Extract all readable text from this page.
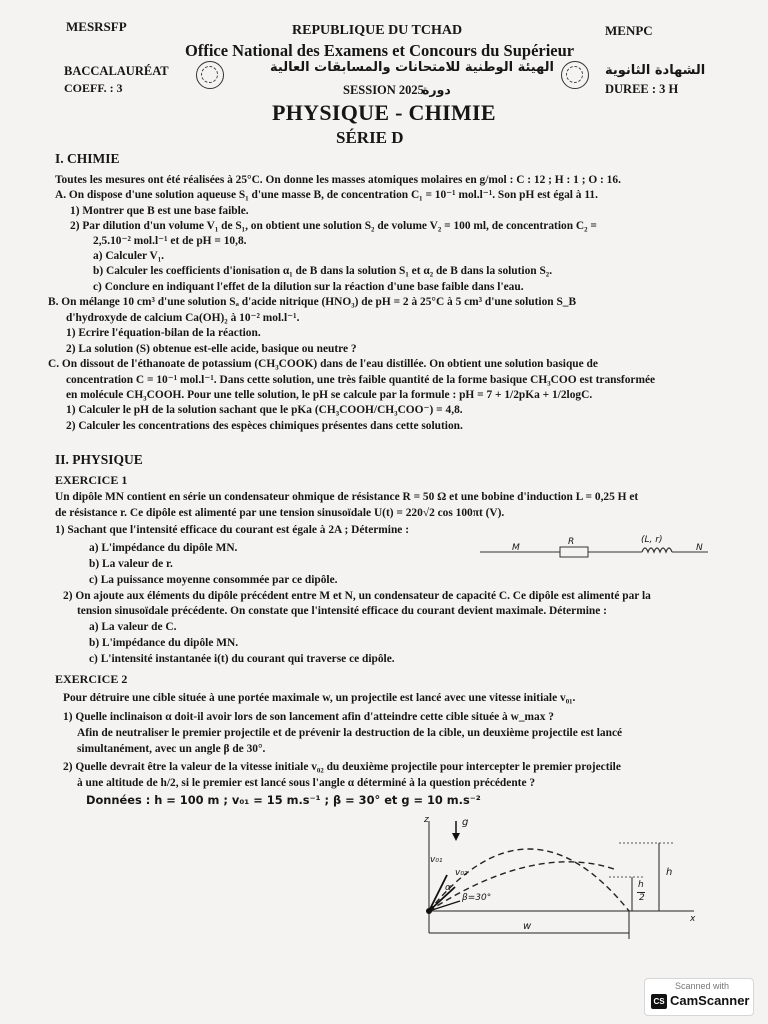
MESRSFP	MENPC
REPUBLIQUE DU TCHAD
Office National des Examens et Concours du Supérieur
الهيئة الوطنية للامتحانات والمسابقات العالية
BACCALAURÉAT	الشهادة الثانوية
COEFF. : 3	SESSION 2025
دورة	DUREE : 3 H
PHYSIQUE - CHIMIE
SÉRIE D
I. CHIMIE
Toutes les mesures ont été réalisées à 25°C. On donne les masses atomiques molaires en g/mol : C : 12 ; H : 1 ; O : 16.
A. On dispose d'une solution aqueuse S₁ d'une masse B, de concentration C₁ = 10⁻¹ mol.l⁻¹. Son pH est égal à 11.
1) Montrer que B est une base faible.
2) Par dilution d'un volume V₁ de S₁, on obtient une solution S₂ de volume V₂ = 100 ml, de concentration C₂ =
2,5.10⁻² mol.l⁻¹ et de pH = 10,8.
a) Calculer V₁.
b) Calculer les coefficients d'ionisation α₁ de B dans la solution S₁ et α₂ de B dans la solution S₂.
c) Conclure en indiquant l'effet de la dilution sur la réaction d'une base faible dans l'eau.
B. On mélange 10 cm³ d'une solution Sₐ d'acide nitrique (HNO₃) de pH = 2 à 25°C à 5 cm³ d'une solution S_B
d'hydroxyde de calcium Ca(OH)₂ à 10⁻² mol.l⁻¹.
1) Ecrire l'équation-bilan de la réaction.
2) La solution (S) obtenue est-elle acide, basique ou neutre ?
C. On dissout de l'éthanoate de potassium (CH₃COOK) dans de l'eau distillée. On obtient une solution basique de
concentration C = 10⁻¹ mol.l⁻¹. Dans cette solution, une très faible quantité de la forme basique CH₃COO est transformée
en molécule CH₃COOH. Pour une telle solution, le pH se calcule par la formule : pH = 7 + 1/2pKa + 1/2logC.
1) Calculer le pH de la solution sachant que le pKa (CH₃COOH/CH₃COO⁻) = 4,8.
2) Calculer les concentrations des espèces chimiques présentes dans cette solution.
II. PHYSIQUE
EXERCICE 1
Un dipôle MN contient en série un condensateur ohmique de résistance R = 50 Ω et une bobine d'induction L = 0,25 H et
de résistance r. Ce dipôle est alimenté par une tension sinusoïdale U(t) = 220√2 cos 100πt (V).
1) Sachant que l'intensité efficace du courant est égale à 2A ; Détermine :
a) L'impédance du dipôle MN.
b) La valeur de r.
c) La puissance moyenne consommée par ce dipôle.
2) On ajoute aux éléments du dipôle précédent entre M et N, un condensateur de capacité C. Ce dipôle est alimenté par la
tension sinusoïdale précédente. On constate que l'intensité efficace du courant devient maximale. Détermine :
a) La valeur de C.
b) L'impédance du dipôle MN.
c) L'intensité instantanée i(t) du courant qui traverse ce dipôle.
M
R	(L, r)
N
EXERCICE 2
Pour détruire une cible située à une portée maximale w, un projectile est lancé avec une vitesse initiale v₀₁.
1) Quelle inclinaison α doit-il avoir lors de son lancement afin d'atteindre cette cible située à w_max ?
Afin de neutraliser le premier projectile et de prévenir la destruction de la cible, un deuxième projectile est lancé
simultanément, avec un angle β de 30°.
2) Quelle devrait être la valeur de la vitesse initiale v₀₂ du deuxième projectile pour intercepter le premier projectile
à une altitude de h/2, si le premier est lancé sous l'angle α déterminé à la question précédente ?
Données : h = 100 m ; v₀₁ = 15 m.s⁻¹ ; β = 30° et g = 10 m.s⁻²
g
v₀₁
v₀₂
α
β=30°
h
h
2
w
x
z
Scanned with
CS CamScanner
